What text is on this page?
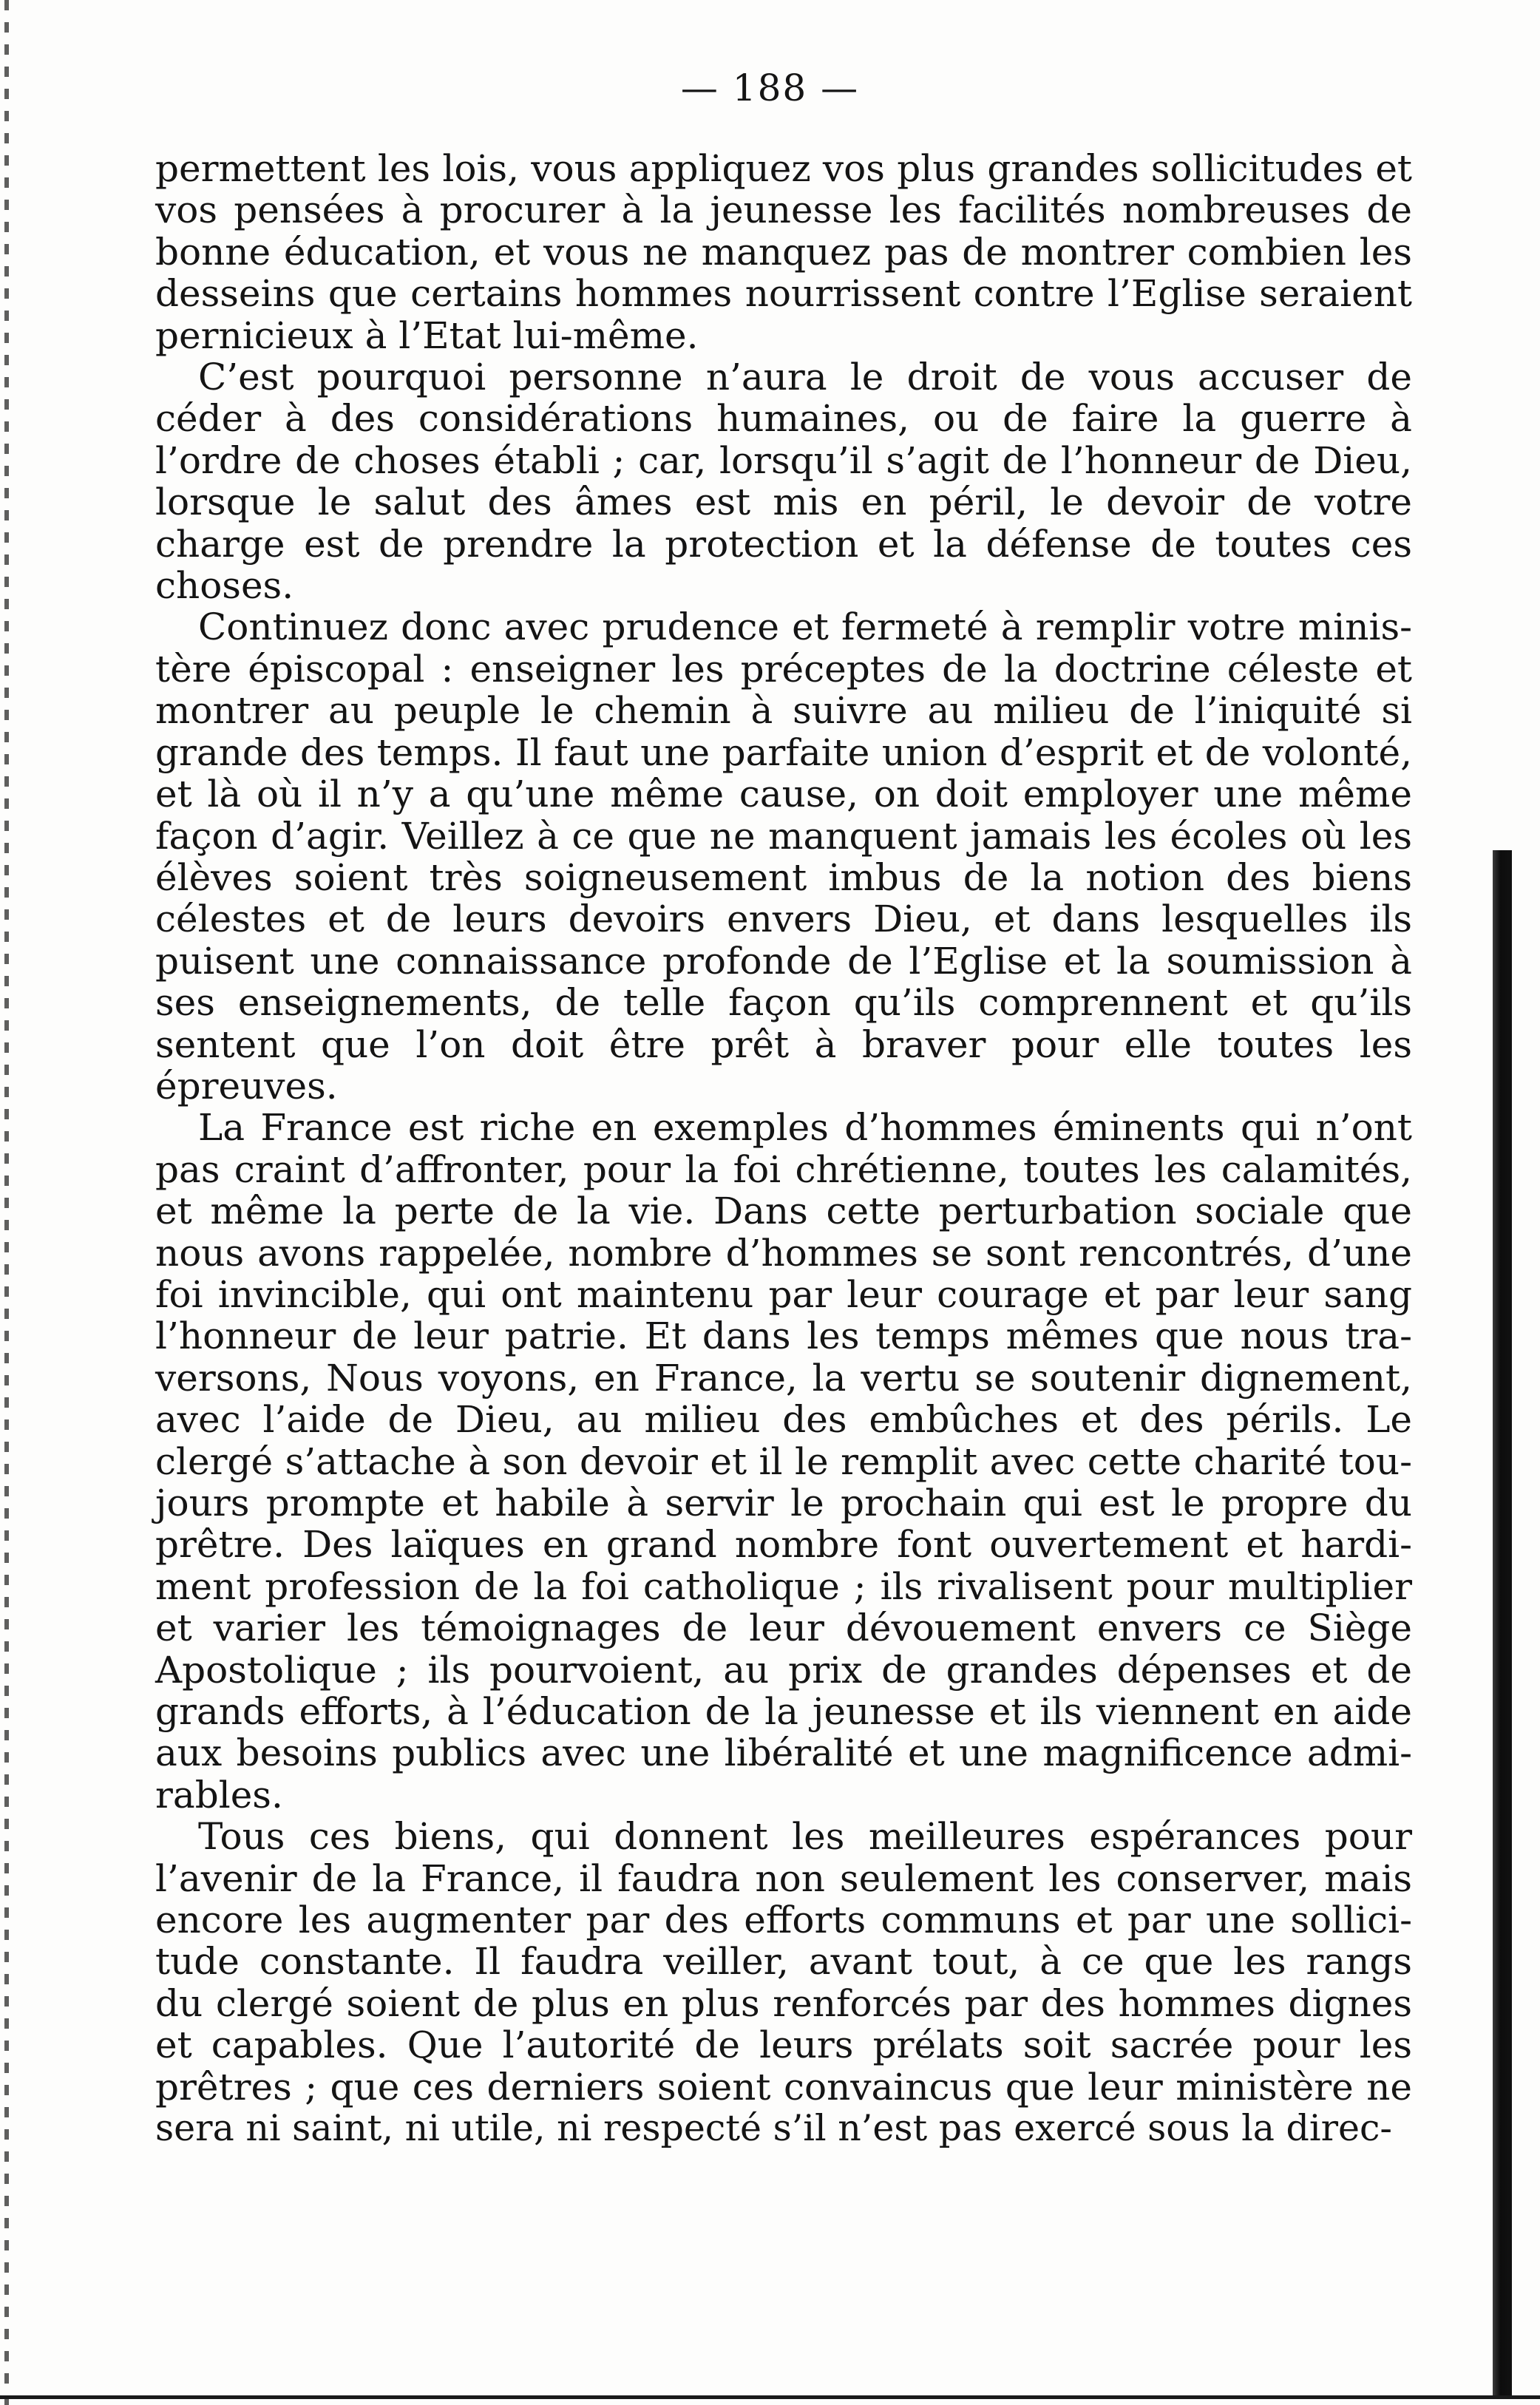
— 188 —
permettent les lois, vous appliquez vos plus grandes sollicitudes et
vos pensées à procurer à la jeunesse les facilités nombreuses de
bonne éducation, et vous ne manquez pas de montrer combien les
desseins que certains hommes nourrissent contre l’Eglise seraient
pernicieux à l’Etat lui-même.
C’est pourquoi personne n’aura le droit de vous accuser de
céder à des considérations humaines, ou de faire la guerre à
l’ordre de choses établi ; car, lorsqu’il s’agit de l’honneur de Dieu,
lorsque le salut des âmes est mis en péril, le devoir de votre
charge est de prendre la protection et la défense de toutes ces
choses.
Continuez donc avec prudence et fermeté à remplir votre minis-
tère épiscopal : enseigner les préceptes de la doctrine céleste et
montrer au peuple le chemin à suivre au milieu de l’iniquité si
grande des temps. Il faut une parfaite union d’esprit et de volonté,
et là où il n’y a qu’une même cause, on doit employer une même
façon d’agir. Veillez à ce que ne manquent jamais les écoles où les
élèves soient très soigneusement imbus de la notion des biens
célestes et de leurs devoirs envers Dieu, et dans lesquelles ils
puisent une connaissance profonde de l’Eglise et la soumission à
ses enseignements, de telle façon qu’ils comprennent et qu’ils
sentent que l’on doit être prêt à braver pour elle toutes les
épreuves.
La France est riche en exemples d’hommes éminents qui n’ont
pas craint d’affronter, pour la foi chrétienne, toutes les calamités,
et même la perte de la vie. Dans cette perturbation sociale que
nous avons rappelée, nombre d’hommes se sont rencontrés, d’une
foi invincible, qui ont maintenu par leur courage et par leur sang
l’honneur de leur patrie. Et dans les temps mêmes que nous tra-
versons, Nous voyons, en France, la vertu se soutenir dignement,
avec l’aide de Dieu, au milieu des embûches et des périls. Le
clergé s’attache à son devoir et il le remplit avec cette charité tou-
jours prompte et habile à servir le prochain qui est le propre du
prêtre. Des laïques en grand nombre font ouvertement et hardi-
ment profession de la foi catholique ; ils rivalisent pour multiplier
et varier les témoignages de leur dévouement envers ce Siège
Apostolique ; ils pourvoient, au prix de grandes dépenses et de
grands efforts, à l’éducation de la jeunesse et ils viennent en aide
aux besoins publics avec une libéralité et une magnificence admi-
rables.
Tous ces biens, qui donnent les meilleures espérances pour
l’avenir de la France, il faudra non seulement les conserver, mais
encore les augmenter par des efforts communs et par une sollici-
tude constante. Il faudra veiller, avant tout, à ce que les rangs
du clergé soient de plus en plus renforcés par des hommes dignes
et capables. Que l’autorité de leurs prélats soit sacrée pour les
prêtres ; que ces derniers soient convaincus que leur ministère ne
sera ni saint, ni utile, ni respecté s’il n’est pas exercé sous la direc-
